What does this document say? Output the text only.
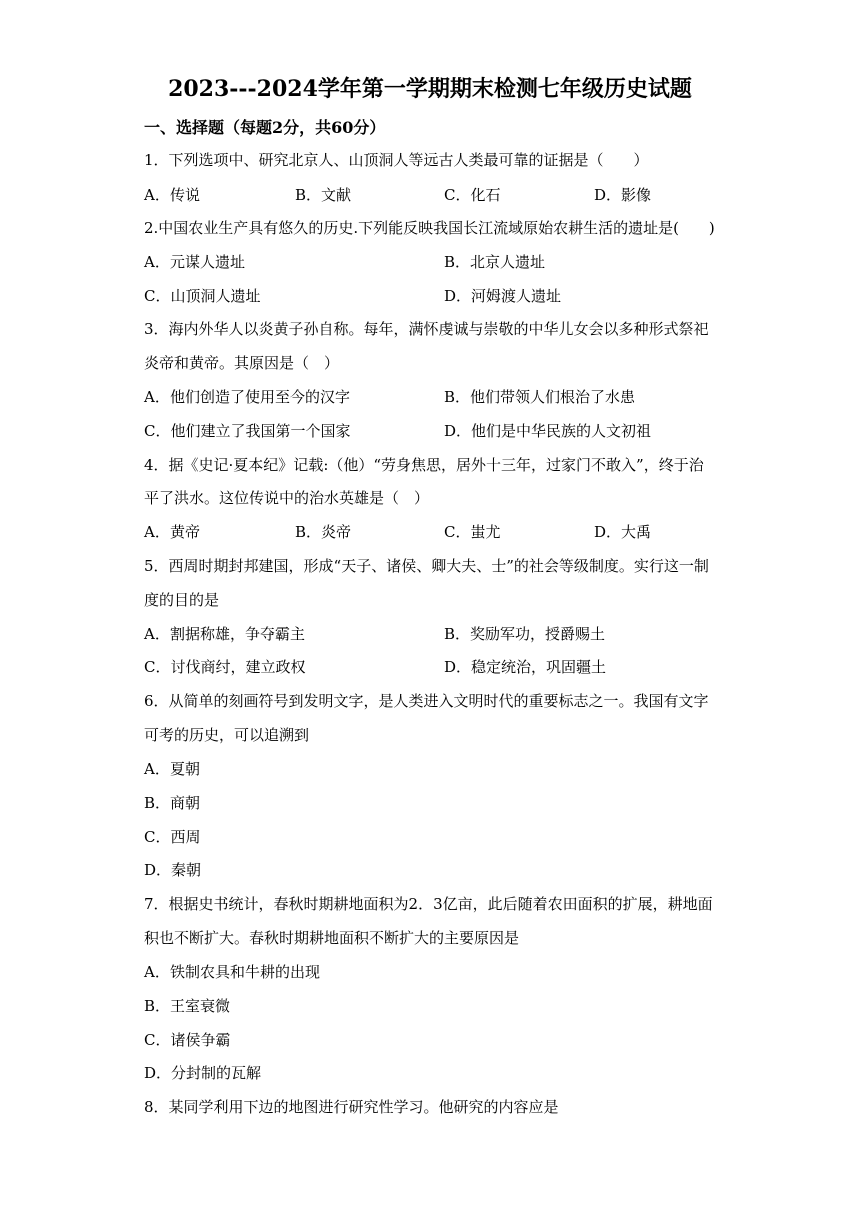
2023---2024学年第一学期期末检测七年级历史试题
一、选择题（每题2分，共60分）
1．下列选项中、研究北京人、山顶洞人等远古人类最可靠的证据是（　　）
A．传说	B．文献	C．化石	D．影像
2.中国农业生产具有悠久的历史.下列能反映我国长江流域原始农耕生活的遗址是(　　)
A．元谋人遗址	B．北京人遗址
C．山顶洞人遗址	D．河姆渡人遗址
3．海内外华人以炎黄子孙自称。每年，满怀虔诚与崇敬的中华儿女会以多种形式祭祀
炎帝和黄帝。其原因是（　）
A．他们创造了使用至今的汉字	B．他们带领人们根治了水患
C．他们建立了我国第一个国家	D．他们是中华民族的人文初祖
4．据《史记·夏本纪》记载:（他）“劳身焦思，居外十三年，过家门不敢入”，终于治
平了洪水。这位传说中的治水英雄是（　）
A．黄帝	B．炎帝	C．蚩尤	D．大禹
5．西周时期封邦建国，形成“天子、诸侯、卿大夫、士”的社会等级制度。实行这一制
度的目的是
A．割据称雄，争夺霸主	B．奖励军功，授爵赐土
C．讨伐商纣，建立政权	D．稳定统治，巩固疆土
6．从简单的刻画符号到发明文字，是人类进入文明时代的重要标志之一。我国有文字
可考的历史，可以追溯到
A．夏朝
B．商朝
C．西周
D．秦朝
7．根据史书统计，春秋时期耕地面积为2．3亿亩，此后随着农田面积的扩展，耕地面
积也不断扩大。春秋时期耕地面积不断扩大的主要原因是
A．铁制农具和牛耕的出现
B．王室衰微
C．诸侯争霸
D．分封制的瓦解
8．某同学利用下边的地图进行研究性学习。他研究的内容应是
